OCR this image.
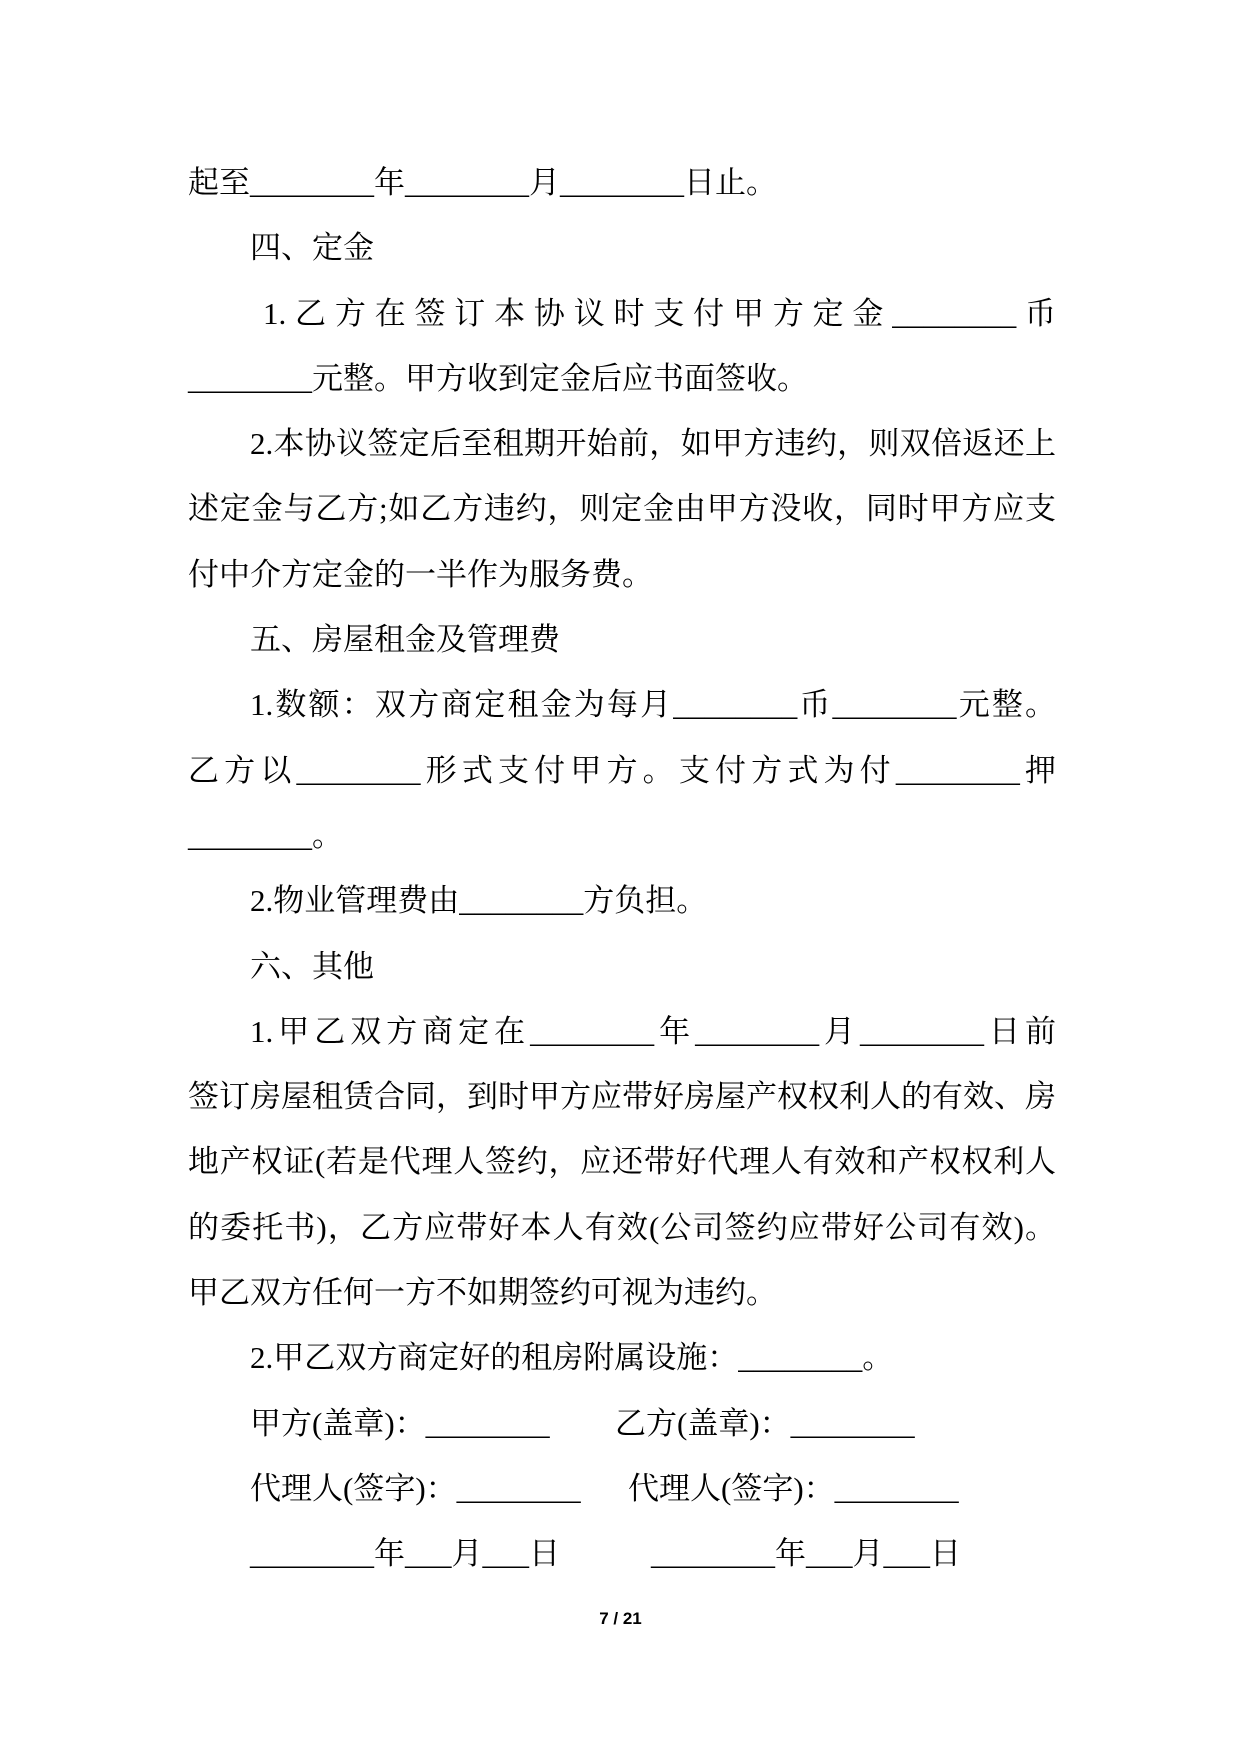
起至________年________月________日止。
四、定金
1.乙方在签订本协议时支付甲方定金________币
________元整。甲方收到定金后应书面签收。
2.本协议签定后至租期开始前，如甲方违约，则双倍返还上
述定金与乙方;如乙方违约，则定金由甲方没收，同时甲方应支
付中介方定金的一半作为服务费。
五、房屋租金及管理费
1.数额：双方商定租金为每月________币________元整。
乙方以________形式支付甲方。支付方式为付________押
________。
2.物业管理费由________方负担。
六、其他
1.甲乙双方商定在________年________月________日前
签订房屋租赁合同，到时甲方应带好房屋产权权利人的有效、房
地产权证(若是代理人签约，应还带好代理人有效和产权权利人
的委托书)，乙方应带好本人有效(公司签约应带好公司有效)。
甲乙双方任何一方不如期签约可视为违约。
2.甲乙双方商定好的租房附属设施：________。
甲方(盖章)：________ 乙方(盖章)：________
代理人(签字)：________ 代理人(签字)：________
________年___月___日	________年___月___日
7 / 21
